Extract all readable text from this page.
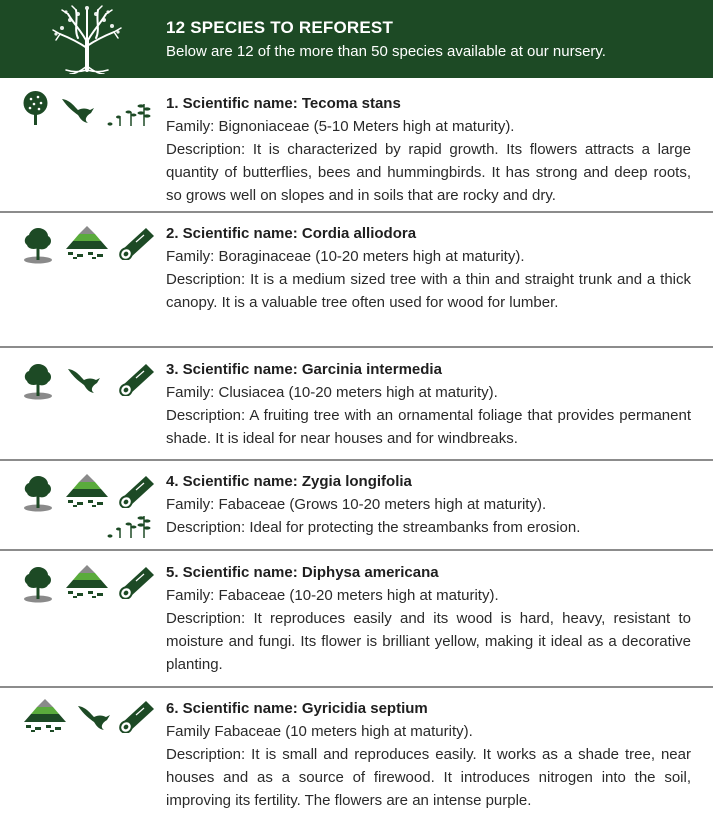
12 SPECIES TO REFOREST
Below are 12 of the more than 50 species available at our nursery.
1. Scientific name: Tecoma stans
Family: Bignoniaceae (5-10 Meters high at maturity).
Description: It is characterized by rapid growth. Its flowers attracts a large quantity of butterflies, bees and hummingbirds. It has strong and deep roots, so grows well on slopes and in soils that are rocky and dry.
2. Scientific name: Cordia alliodora
Family: Boraginaceae (10-20 meters high at maturity).
Description: It is a medium sized tree with a thin and straight trunk and a thick canopy. It is a valuable tree often used for wood for lumber.
3. Scientific name: Garcinia intermedia
Family: Clusiacea (10-20 meters high at maturity).
Description: A fruiting tree with an ornamental foliage that provides permanent shade. It is ideal for near houses and for windbreaks.
4. Scientific name: Zygia longifolia
Family: Fabaceae (Grows 10-20 meters high at maturity).
Description: Ideal for protecting the streambanks from erosion.
5. Scientific name: Diphysa americana
Family: Fabaceae (10-20 meters high at maturity).
Description: It reproduces easily and its wood is hard, heavy, resistant to moisture and fungi. Its flower is brilliant yellow, making it ideal as a decorative planting.
6. Scientific name: Gyricidia septium
Family Fabaceae (10 meters high at maturity).
Description: It is small and reproduces easily. It works as a shade tree, near houses and as a source of firewood. It introduces nitrogen into the soil, improving its fertility. The flowers are an intense purple.
